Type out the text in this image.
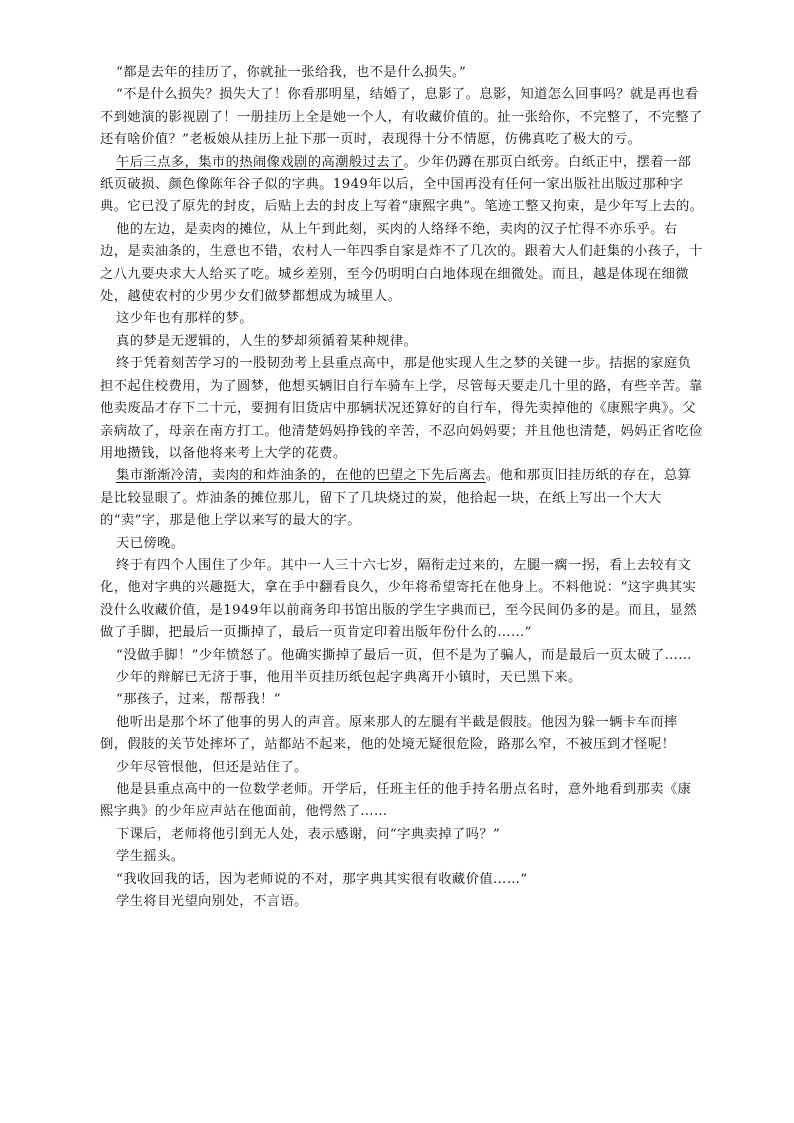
“都是去年的挂历了，你就扯一张给我，也不是什么损失。”

“不是什么损失？损失大了！你看那明星，结婚了，息影了。息影，知道怎么回事吗？就是再也看不到她演的影视剧了！一册挂历上全是她一个人，有收藏价值的。扯一张给你，不完整了，不完整了还有啥价值？”老板娘从挂历上扯下那一页时，表现得十分不情愿，仿佛真吃了极大的亏。

午后三点多，集市的热闹像戏剧的高潮般过去了。少年仍蹲在那页白纸旁。白纸正中，摆着一部纸页破损、颜色像陈年谷子似的字典。1949年以后，全中国再没有任何一家出版社出版过那种字典。它已没了原先的封皮，后贴上去的封皮上写着“康熙字典”。笔迹工整又拘束，是少年写上去的。

他的左边，是卖肉的摊位，从上午到此刻，买肉的人络绎不绝，卖肉的汉子忙得不亦乐乎。右边，是卖油条的，生意也不错，农村人一年四季自家是炸不了几次的。跟着大人们赶集的小孩子，十之八九要央求大人给买了吃。城乡差别，至今仍明明白白地体现在细微处。而且，越是体现在细微处，越使农村的少男少女们做梦都想成为城里人。

这少年也有那样的梦。

真的梦是无逻辑的，人生的梦却须循着某种规律。

终于凭着刻苦学习的一股韧劲考上县重点高中，那是他实现人生之梦的关键一步。拮据的家庭负担不起住校费用，为了圆梦，他想买辆旧自行车骑车上学，尽管每天要走几十里的路，有些辛苦。靠他卖废品才存下二十元，要拥有旧货店中那辆状况还算好的自行车，得先卖掉他的《康熙字典》。父亲病故了，母亲在南方打工。他清楚妈妈挣钱的辛苦，不忍向妈妈要；并且他也清楚，妈妈正省吃俭用地攒钱，以备他将来考上大学的花费。

集市渐渐冷清，卖肉的和炸油条的，在他的巴望之下先后离去。他和那页旧挂历纸的存在，总算是比较显眼了。炸油条的摊位那儿，留下了几块烧过的炭，他拾起一块，在纸上写出一个大大的“卖”字，那是他上学以来写的最大的字。

天已傍晚。

终于有四个人围住了少年。其中一人三十六七岁，隔衔走过来的，左腿一瘸一拐，看上去较有文化，他对字典的兴趣挺大，拿在手中翻看良久，少年将希望寄托在他身上。不料他说：“这字典其实没什么收藏价值，是1949年以前商务印书馆出版的学生字典而已，至今民间仍多的是。而且，显然做了手脚，把最后一页撕掉了，最后一页肯定印着出版年份什么的……”

“没做手脚！”少年愤怒了。他确实撕掉了最后一页，但不是为了骗人，而是最后一页太破了……

少年的辩解已无济于事，他用半页挂历纸包起字典离开小镇时，天已黑下来。

“那孩子，过来，帮帮我！”

他听出是那个坏了他事的男人的声音。原来那人的左腿有半截是假肢。他因为躲一辆卡车而摔倒，假肢的关节处摔坏了，站都站不起来，他的处境无疑很危险，路那么窄，不被压到才怪呢！

少年尽管恨他，但还是站住了。

他是县重点高中的一位数学老师。开学后，任班主任的他手持名册点名时，意外地看到那卖《康熙字典》的少年应声站在他面前，他愕然了……

下课后，老师将他引到无人处，表示感谢，问“字典卖掉了吗？”

学生摇头。

“我收回我的话，因为老师说的不对，那字典其实很有收藏价值……”

学生将目光望向别处，不言语。
